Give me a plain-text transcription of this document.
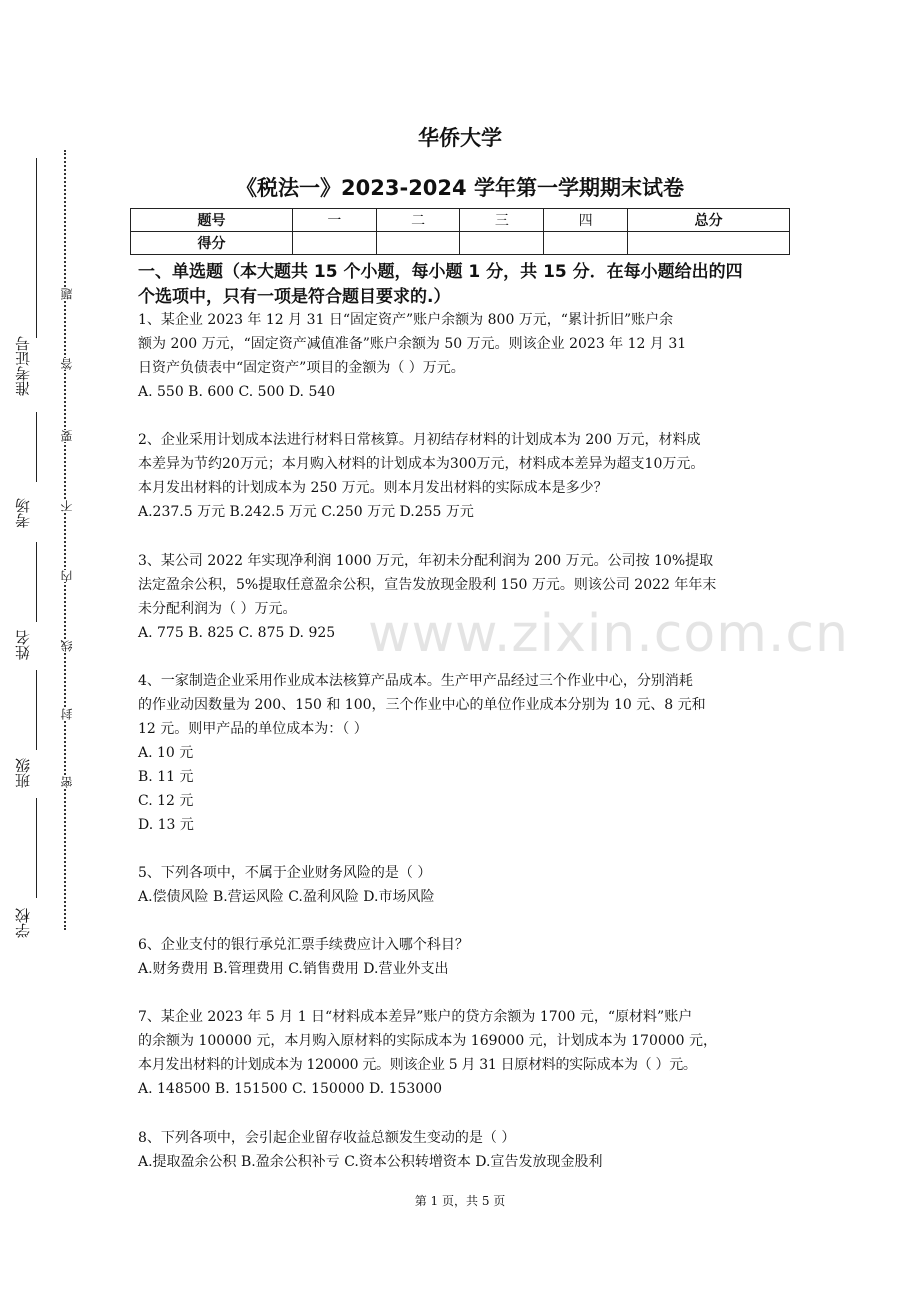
准考证号
考场
姓名
班级
学校
题
答
要
不
内
线
封
密
华侨大学
《税法一》2023-2024 学年第一学期期末试卷
题号	一	二	三	四	总分
得分					
一、单选题（本大题共 15 个小题，每小题 1 分，共 15 分．在每小题给出的四
个选项中，只有一项是符合题目要求的.）

1、某企业 2023 年 12 月 31 日“固定资产”账户余额为 800 万元，“累计折旧”账户余

额为 200 万元，“固定资产减值准备”账户余额为 50 万元。则该企业 2023 年 12 月 31

日资产负债表中“固定资产”项目的金额为（ ）万元。

A. 550 B. 600 C. 500 D. 540

2、企业采用计划成本法进行材料日常核算。月初结存材料的计划成本为 200 万元，材料成

本差异为节约20万元；本月购入材料的计划成本为300万元，材料成本差异为超支10万元。

本月发出材料的计划成本为 250 万元。则本月发出材料的实际成本是多少？

A.237.5 万元 B.242.5 万元 C.250 万元 D.255 万元

3、某公司 2022 年实现净利润 1000 万元，年初未分配利润为 200 万元。公司按 10%提取

法定盈余公积，5%提取任意盈余公积，宣告发放现金股利 150 万元。则该公司 2022 年年末

未分配利润为（ ）万元。

A. 775 B. 825 C. 875 D. 925

4、一家制造企业采用作业成本法核算产品成本。生产甲产品经过三个作业中心，分别消耗

的作业动因数量为 200、150 和 100，三个作业中心的单位作业成本分别为 10 元、8 元和

12 元。则甲产品的单位成本为：（ ）

A. 10 元

B. 11 元

C. 12 元

D. 13 元

5、下列各项中，不属于企业财务风险的是（ ）

A.偿债风险 B.营运风险 C.盈利风险 D.市场风险

6、企业支付的银行承兑汇票手续费应计入哪个科目？

A.财务费用 B.管理费用 C.销售费用 D.营业外支出

7、某企业 2023 年 5 月 1 日“材料成本差异”账户的贷方余额为 1700 元，“原材料”账户

的余额为 100000 元，本月购入原材料的实际成本为 169000 元，计划成本为 170000 元，

本月发出材料的计划成本为 120000 元。则该企业 5 月 31 日原材料的实际成本为（ ）元。

A. 148500 B. 151500 C. 150000 D. 153000

8、下列各项中，会引起企业留存收益总额发生变动的是（ ）

A.提取盈余公积 B.盈余公积补亏 C.资本公积转增资本 D.宣告发放现金股利

www.zixin.com.cn
第 1 页，共 5 页
